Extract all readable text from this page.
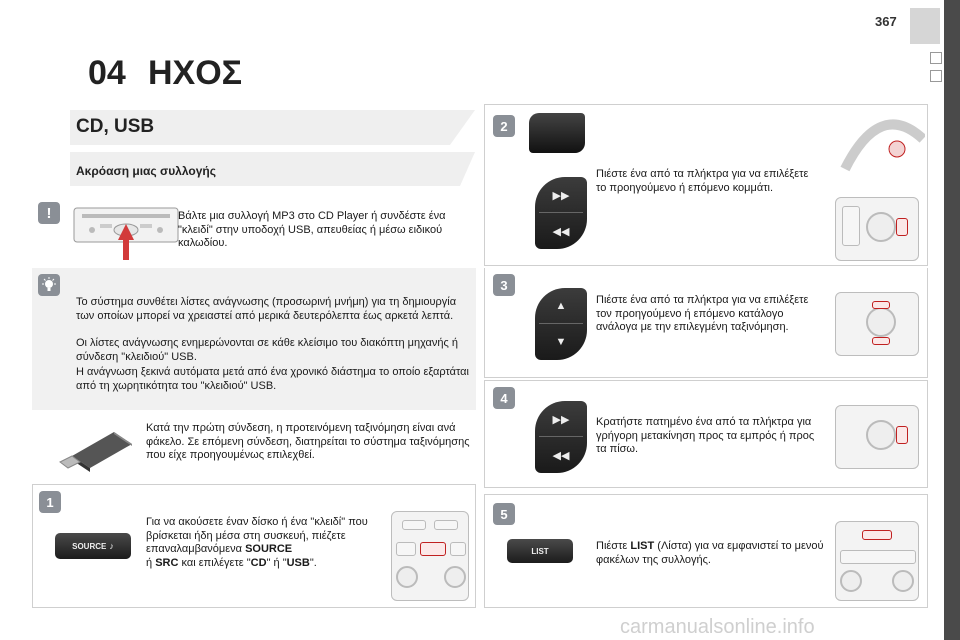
367
04 ΗΧΟΣ
CD, USB
Ακρόαση μιας συλλογής
!	Βάλτε μια συλλογή MP3 στο CD Player ή συνδέστε ένα "κλειδί" στην υποδοχή USB, απευθείας ή μέσω ειδικού καλωδίου.
Το σύστημα συνθέτει λίστες ανάγνωσης (προσωρινή μνήμη) για τη δημιουργία των οποίων μπορεί να χρειαστεί από μερικά δευτερόλεπτα έως αρκετά λεπτά.
Οι λίστες ανάγνωσης ενημερώνονται σε κάθε κλείσιμο του διακόπτη μηχανής ή σύνδεση "κλειδιού" USB.
Η ανάγνωση ξεκινά αυτόματα μετά από ένα χρονικό διάστημα το οποίο εξαρτάται από τη χωρητικότητα του "κλειδιού" USB.
Κατά την πρώτη σύνδεση, η προτεινόμενη ταξινόμηση είναι ανά φάκελο. Σε επόμενη σύνδεση, διατηρείται το σύστημα ταξινόμησης που είχε προηγουμένως επιλεχθεί.
1
SOURCE ♪
Για να ακούσετε έναν δίσκο ή ένα "κλειδί" που βρίσκεται ήδη μέσα στη συσκευή, πιέζετε επαναλαμβανόμενα SOURCE
ή SRC και επιλέγετε "CD" ή "USB".
2
▶▶
◀◀
Πιέστε ένα από τα πλήκτρα για να επιλέξετε το προηγούμενο ή επόμενο κομμάτι.
3
▲
▼
Πιέστε ένα από τα πλήκτρα για να επιλέξετε τον προηγούμενο ή επόμενο κατάλογο ανάλογα με την επιλεγμένη ταξινόμηση.
4
▶▶
◀◀
Κρατήστε πατημένο ένα από τα πλήκτρα για γρήγορη μετακίνηση προς τα εμπρός ή προς τα πίσω.
5
LIST	Πιέστε LIST (Λίστα) για να εμφανιστεί το μενού φακέλων της συλλογής.
carmanualsonline.info
